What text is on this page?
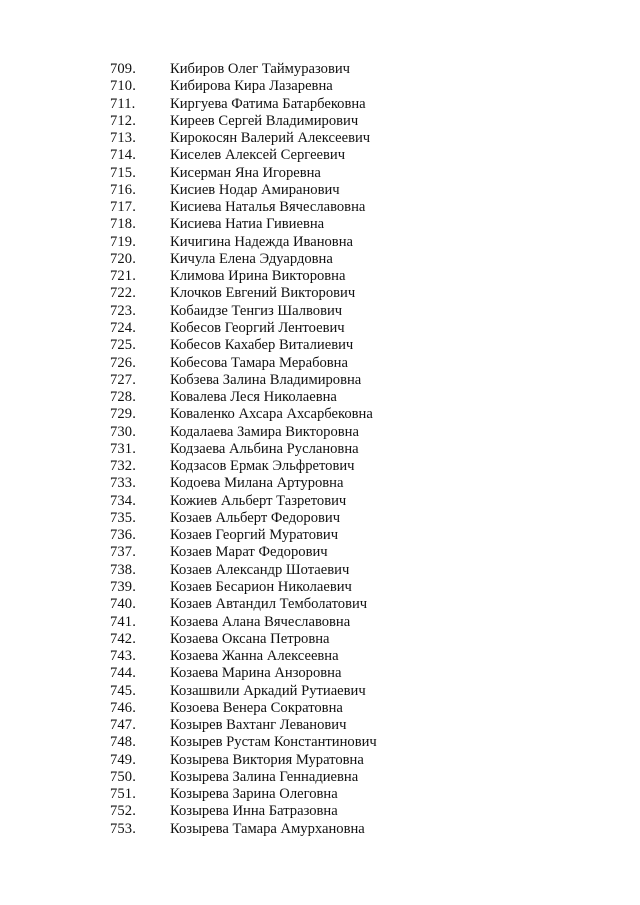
709.	Кибиров Олег Таймуразович
710.	Кибирова Кира Лазаревна
711.	Киргуева Фатима Батарбековна
712.	Киреев Сергей Владимирович
713.	Кирокосян Валерий Алексеевич
714.	Киселев Алексей Сергеевич
715.	Кисерман Яна Игоревна
716.	Кисиев Нодар Амиранович
717.	Кисиева Наталья Вячеславовна
718.	Кисиева Натиа Гивиевна
719.	Кичигина Надежда Ивановна
720.	Кичула Елена Эдуардовна
721.	Климова Ирина Викторовна
722.	Клочков Евгений Викторович
723.	Кобаидзе Тенгиз Шалвович
724.	Кобесов Георгий Лентоевич
725.	Кобесов Кахабер Виталиевич
726.	Кобесова Тамара Мерабовна
727.	Кобзева Залина Владимировна
728.	Ковалева Леся Николаевна
729.	Коваленко Ахсара Ахсарбековна
730.	Кодалаева Замира Викторовна
731.	Кодзаева Альбина Руслановна
732.	Кодзасов Ермак Эльфретович
733.	Кодоева Милана Артуровна
734.	Кожиев Альберт Тазретович
735.	Козаев Альберт Федорович
736.	Козаев Георгий Муратович
737.	Козаев Марат Федорович
738.	Козаев Александр Шотаевич
739.	Козаев Бесарион Николаевич
740.	Козаев Автандил Темболатович
741.	Козаева Алана Вячеславовна
742.	Козаева Оксана Петровна
743.	Козаева Жанна Алексеевна
744.	Козаева Марина Анзоровна
745.	Козашвили Аркадий Рутиаевич
746.	Козоева Венера Сократовна
747.	Козырев Вахтанг Леванович
748.	Козырев Рустам Константинович
749.	Козырева Виктория Муратовна
750.	Козырева Залина Геннадиевна
751.	Козырева Зарина Олеговна
752.	Козырева Инна Батразовна
753.	Козырева Тамара Амурхановна
